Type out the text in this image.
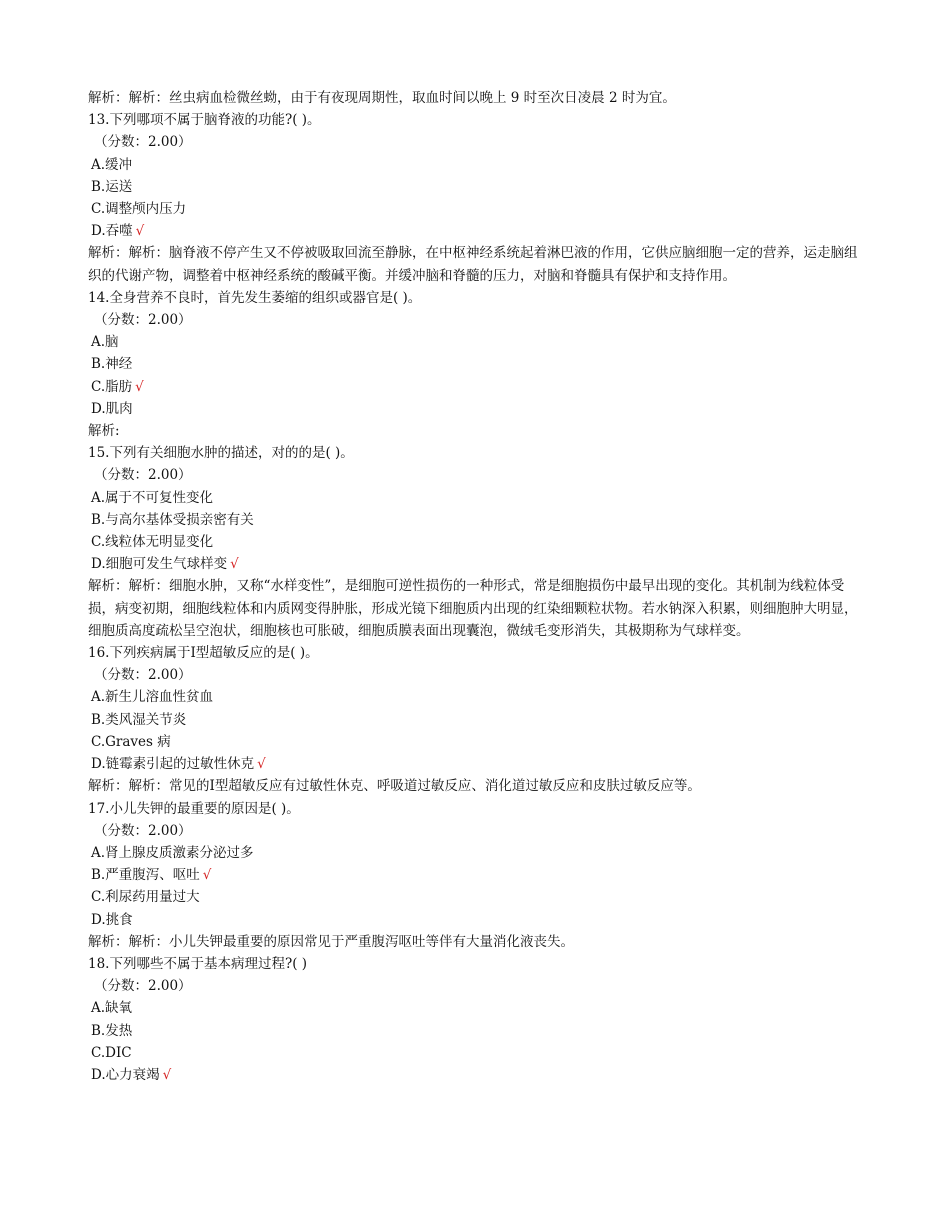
解析：解析：丝虫病血检微丝蚴，由于有夜现周期性，取血时间以晚上 9 时至次日凌晨 2 时为宜。
13.下列哪项不属于脑脊液的功能?( )。
（分数：2.00）
A.缓冲
B.运送
C.调整颅内压力
D.吞噬 √
解析：解析：脑脊液不停产生又不停被吸取回流至静脉，在中枢神经系统起着淋巴液的作用，它供应脑细胞一定的营养，运走脑组织的代谢产物，调整着中枢神经系统的酸碱平衡。并缓冲脑和脊髓的压力，对脑和脊髓具有保护和支持作用。
14.全身营养不良时，首先发生萎缩的组织或器官是( )。
（分数：2.00）
A.脑
B.神经
C.脂肪 √
D.肌肉
解析:
15.下列有关细胞水肿的描述，对的的是( )。
（分数：2.00）
A.属于不可复性变化
B.与高尔基体受损亲密有关
C.线粒体无明显变化
D.细胞可发生气球样变 √
解析：解析：细胞水肿，又称“水样变性”，是细胞可逆性损伤的一种形式，常是细胞损伤中最早出现的变化。其机制为线粒体受损，病变初期，细胞线粒体和内质网变得肿胀，形成光镜下细胞质内出现的红染细颗粒状物。若水钠深入积累，则细胞肿大明显，细胞质高度疏松呈空泡状，细胞核也可胀破，细胞质膜表面出现囊泡，微绒毛变形消失，其极期称为气球样变。
16.下列疾病属于Ⅰ型超敏反应的是( )。
（分数：2.00）
A.新生儿溶血性贫血
B.类风湿关节炎
C.Graves 病
D.链霉素引起的过敏性休克 √
解析：解析：常见的Ⅰ型超敏反应有过敏性休克、呼吸道过敏反应、消化道过敏反应和皮肤过敏反应等。
17.小儿失钾的最重要的原因是( )。
（分数：2.00）
A.肾上腺皮质激素分泌过多
B.严重腹泻、呕吐 √
C.利尿药用量过大
D.挑食
解析：解析：小儿失钾最重要的原因常见于严重腹泻呕吐等伴有大量消化液丧失。
18.下列哪些不属于基本病理过程?( )
（分数：2.00）
A.缺氧
B.发热
C.DIC
D.心力衰竭 √
